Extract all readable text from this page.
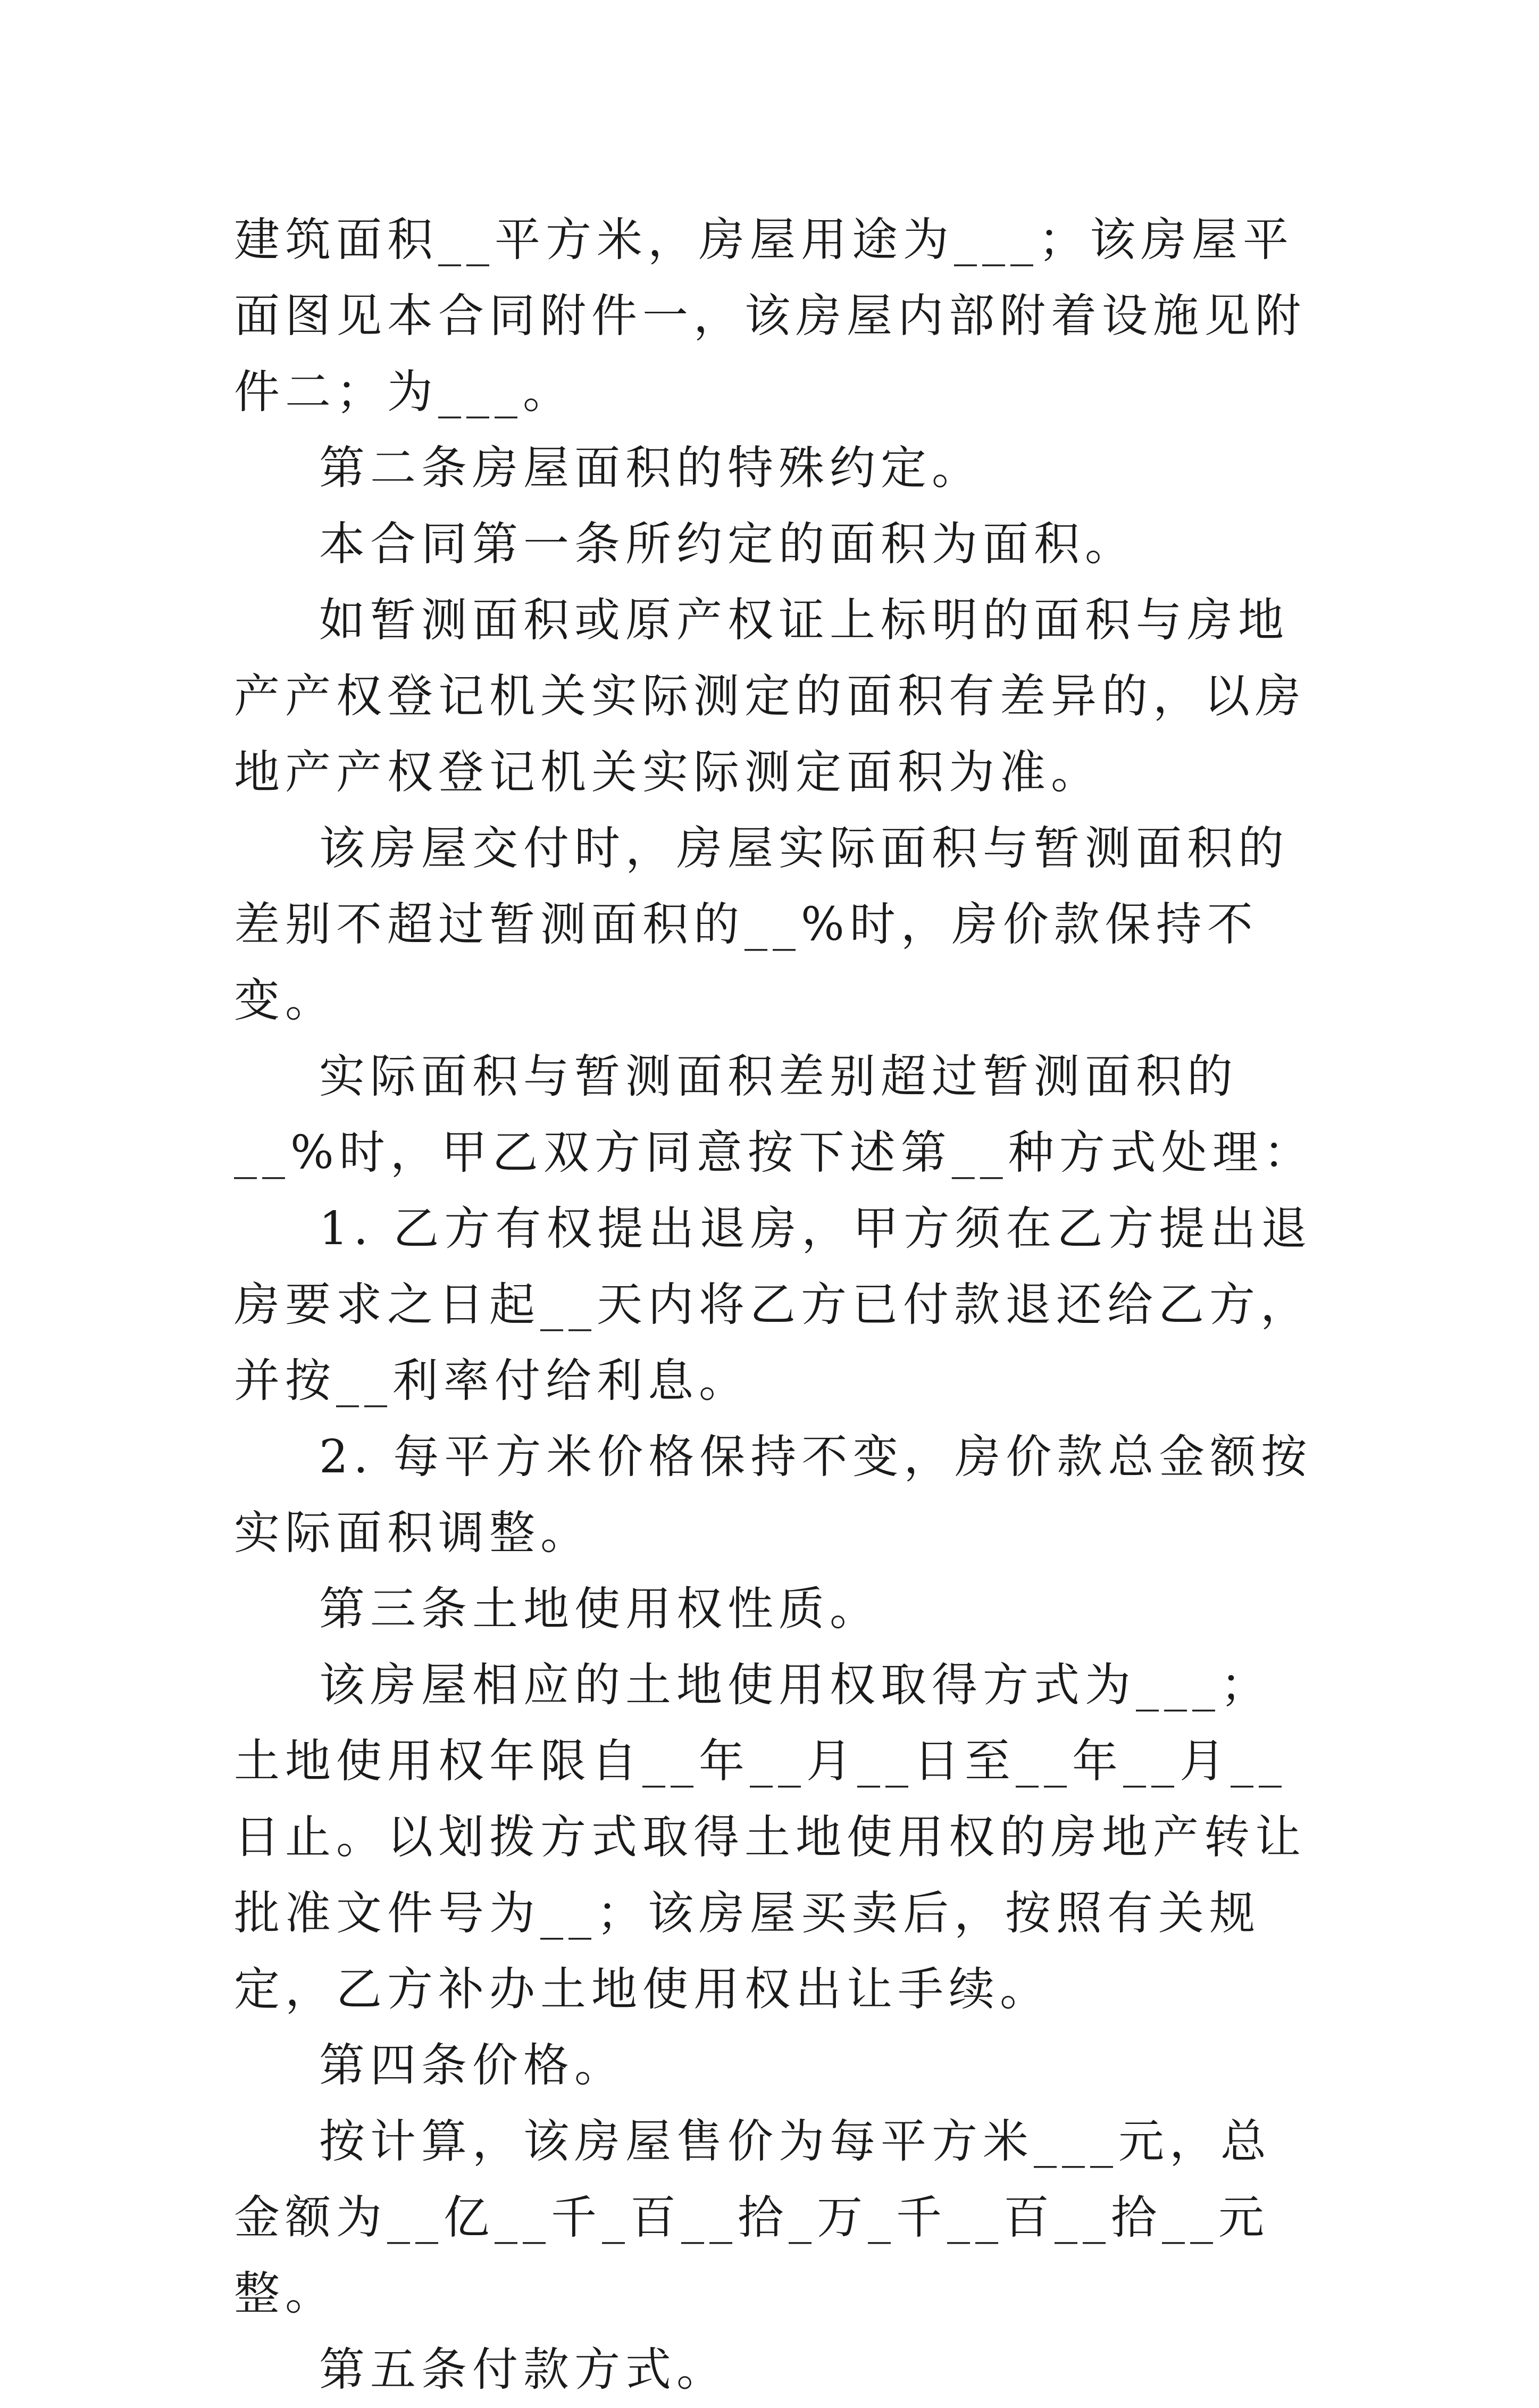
建筑面积__平方米，房屋用途为___；该房屋平面图见本合同附件一，该房屋内部附着设施见附件二；为___。

第二条房屋面积的特殊约定。

本合同第一条所约定的面积为面积。

如暂测面积或原产权证上标明的面积与房地产产权登记机关实际测定的面积有差异的，以房地产产权登记机关实际测定面积为准。

该房屋交付时，房屋实际面积与暂测面积的差别不超过暂测面积的__%时，房价款保持不变。

实际面积与暂测面积差别超过暂测面积的__%时，甲乙双方同意按下述第__种方式处理：

1. 乙方有权提出退房，甲方须在乙方提出退房要求之日起__天内将乙方已付款退还给乙方，并按__利率付给利息。

2. 每平方米价格保持不变，房价款总金额按实际面积调整。

第三条土地使用权性质。

该房屋相应的土地使用权取得方式为___；土地使用权年限自__年__月__日至__年__月__日止。以划拨方式取得土地使用权的房地产转让批准文件号为__；该房屋买卖后，按照有关规定，乙方补办土地使用权出让手续。

第四条价格。

按计算，该房屋售价为每平方米___元，总金额为__亿__千_百__拾_万_千__百__拾__元整。

第五条付款方式。
